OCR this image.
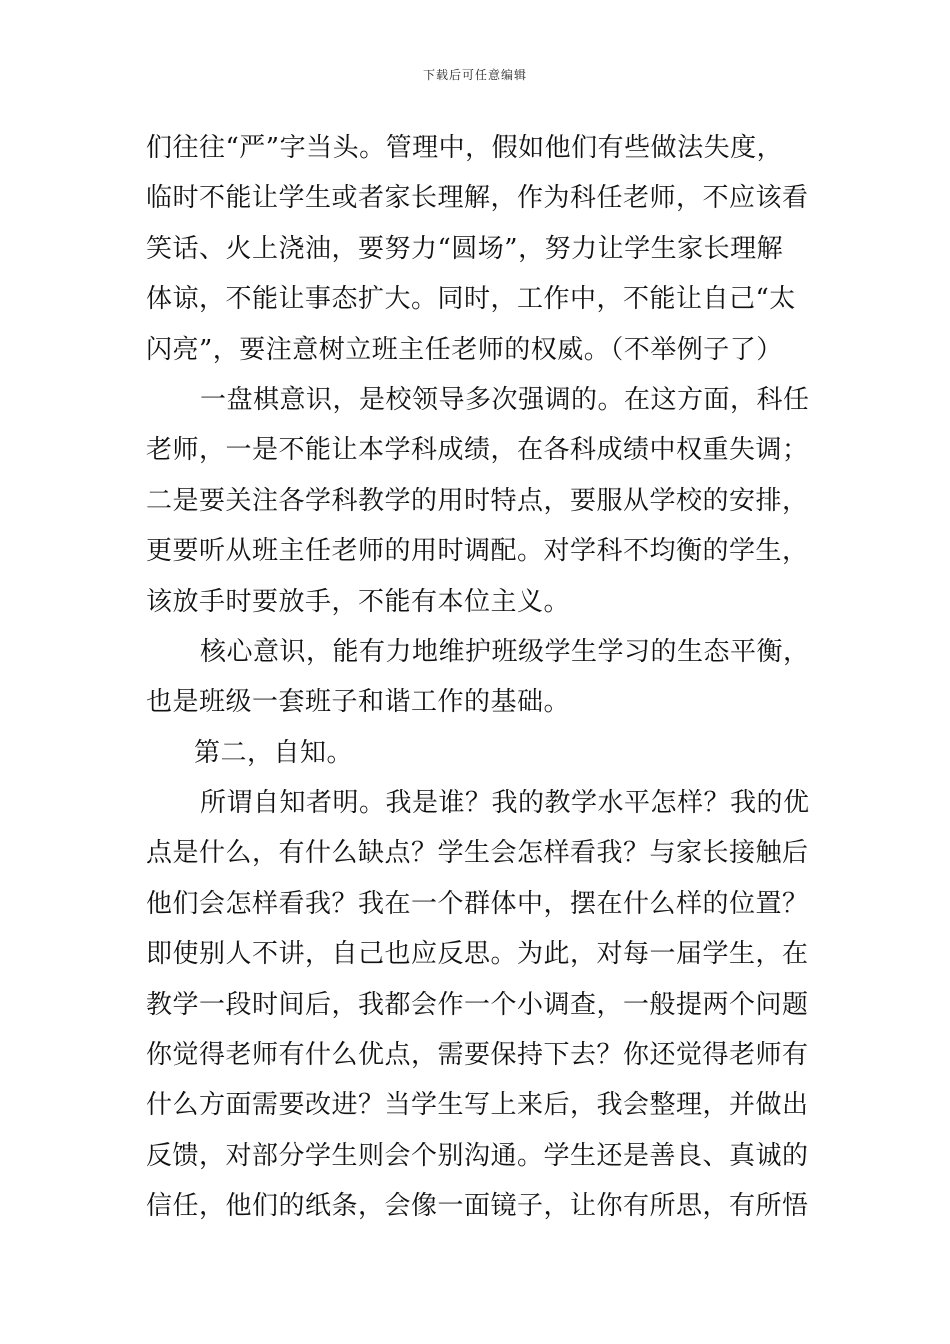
下载后可任意编辑
们往往“严”字当头。管理中，假如他们有些做法失度，
临时不能让学生或者家长理解，作为科任老师，不应该看
笑话、火上浇油，要努力“圆场”，努力让学生家长理解
体谅，不能让事态扩大。同时，工作中，不能让自己“太
闪亮”，要注意树立班主任老师的权威。（不举例子了）
一盘棋意识，是校领导多次强调的。在这方面，科任
老师，一是不能让本学科成绩，在各科成绩中权重失调；
二是要关注各学科教学的用时特点，要服从学校的安排，
更要听从班主任老师的用时调配。对学科不均衡的学生，
该放手时要放手，不能有本位主义。
核心意识，能有力地维护班级学生学习的生态平衡，
也是班级一套班子和谐工作的基础。
第二，自知。
所谓自知者明。我是谁？我的教学水平怎样？我的优
点是什么，有什么缺点？学生会怎样看我？与家长接触后
他们会怎样看我？我在一个群体中，摆在什么样的位置？
即使别人不讲，自己也应反思。为此，对每一届学生，在
教学一段时间后，我都会作一个小调查，一般提两个问题
你觉得老师有什么优点，需要保持下去？你还觉得老师有
什么方面需要改进？当学生写上来后，我会整理，并做出
反馈，对部分学生则会个别沟通。学生还是善良、真诚的
信任，他们的纸条，会像一面镜子，让你有所思，有所悟
